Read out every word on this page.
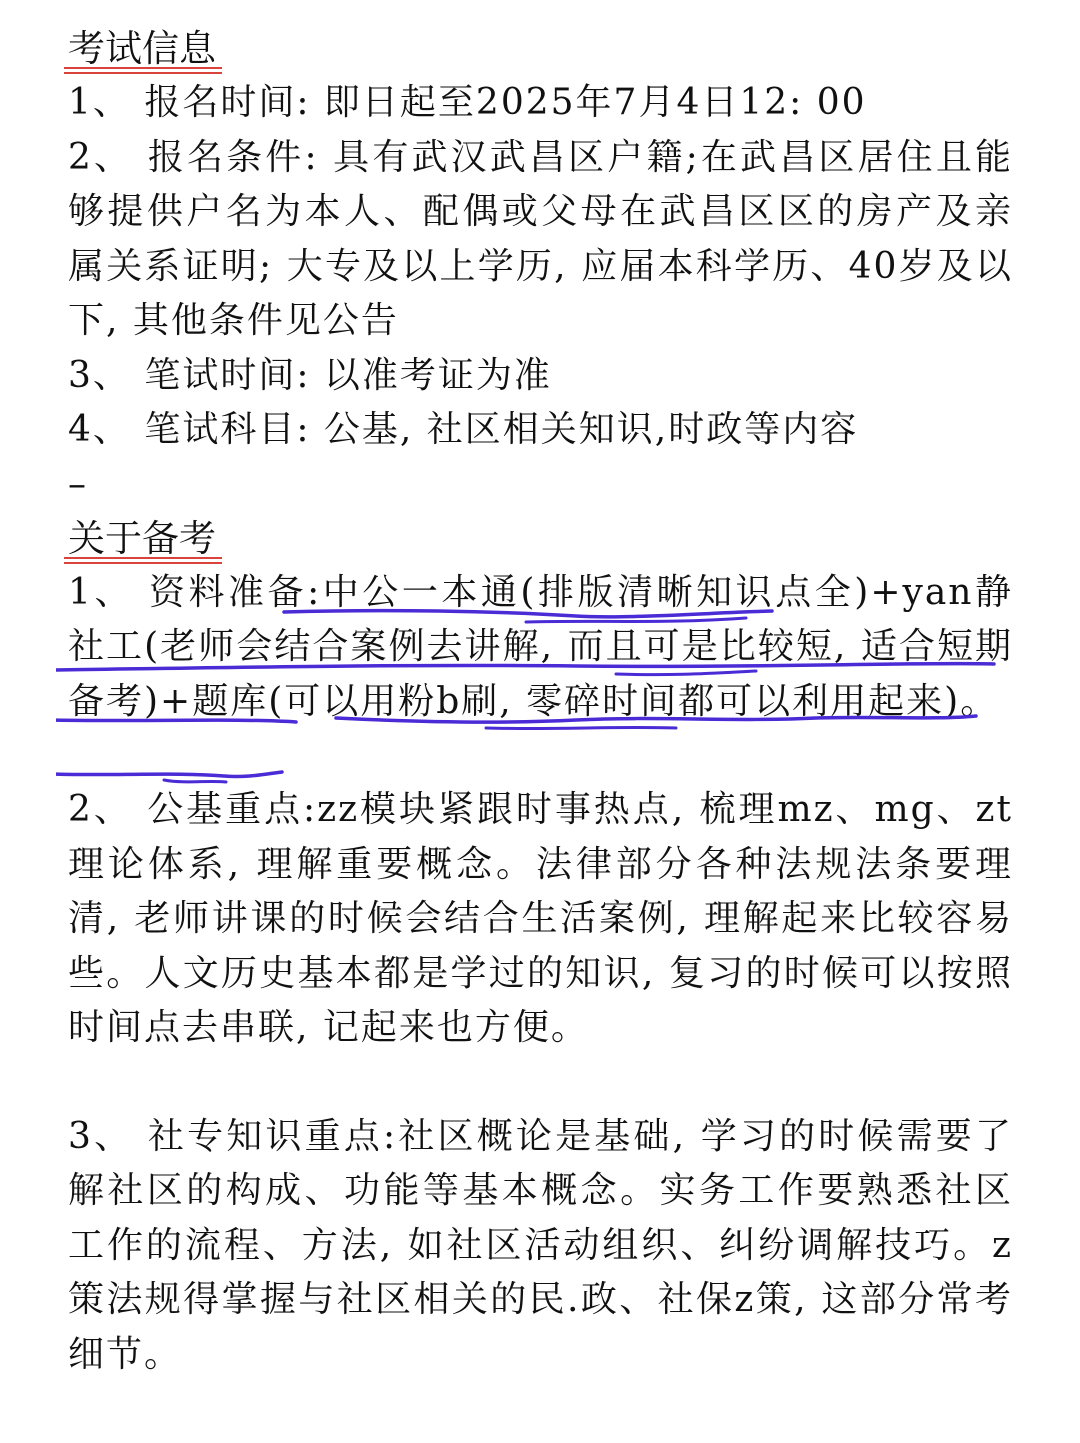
考试信息
1、 报名时间: 即日起至2025年7月4日12: 00
2、 报名条件: 具有武汉武昌区户籍;在武昌区居住且能够提供户名为本人、配偶或父母在武昌区区的房产及亲属关系证明; 大专及以上学历, 应届本科学历、40岁及以下, 其他条件见公告
3、 笔试时间: 以准考证为准
4、 笔试科目: 公基, 社区相关知识,时政等内容
–
关于备考
1、 资料准备:中公一本通(排版清晰知识点全)+yan静社工(老师会结合案例去讲解, 而且可是比较短, 适合短期备考)+题库(可以用粉b刷, 零碎时间都可以利用起来)。
2、 公基重点:zz模块紧跟时事热点, 梳理mz、mg、zt理论体系, 理解重要概念。法律部分各种法规法条要理清, 老师讲课的时候会结合生活案例, 理解起来比较容易些。人文历史基本都是学过的知识, 复习的时候可以按照时间点去串联, 记起来也方便。
3、 社专知识重点:社区概论是基础, 学习的时候需要了解社区的构成、功能等基本概念。实务工作要熟悉社区工作的流程、方法, 如社区活动组织、纠纷调解技巧。z策法规得掌握与社区相关的民.政、社保z策, 这部分常考细节。
